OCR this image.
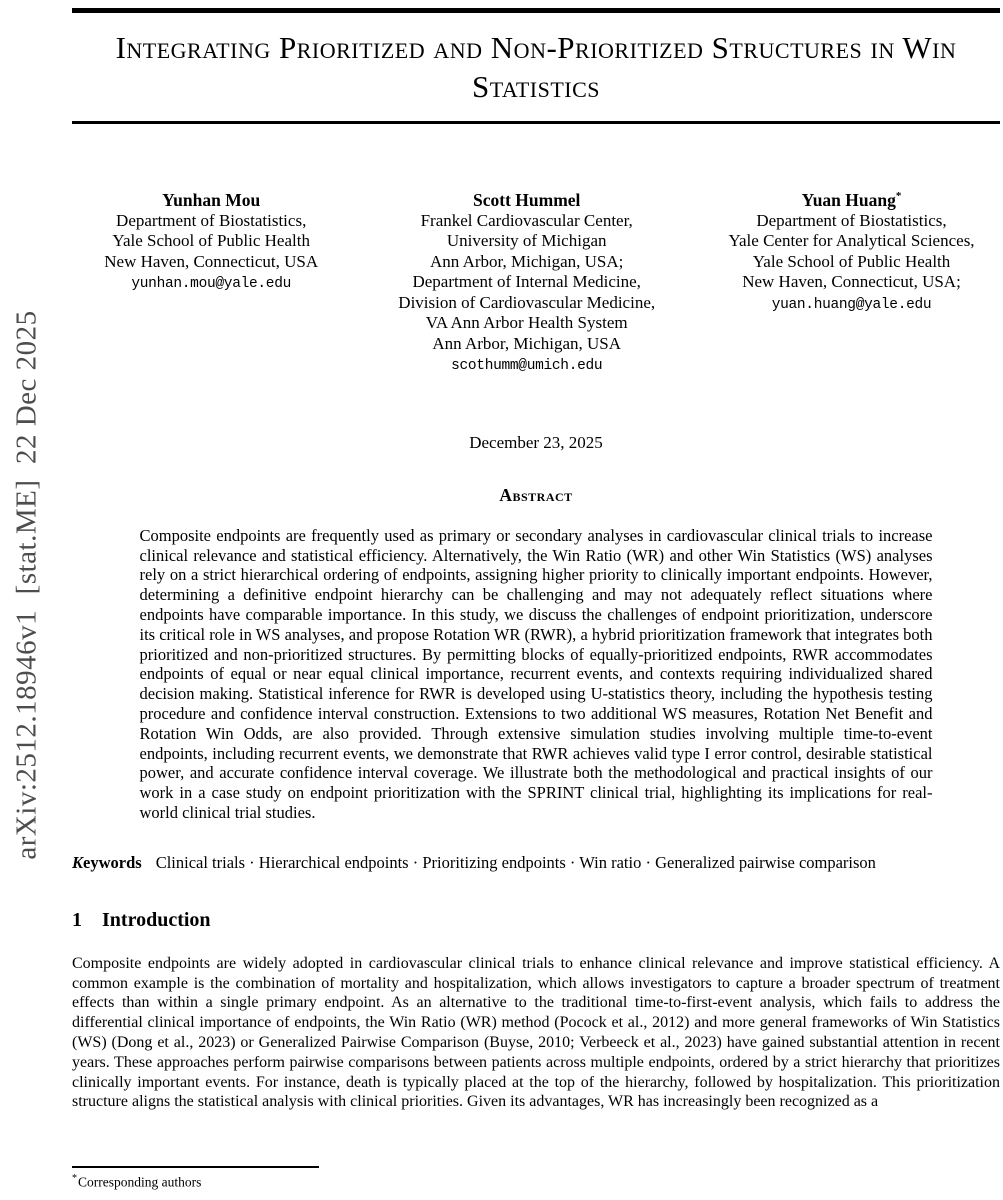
arXiv:2512.18946v1  [stat.ME]  22 Dec 2025
Integrating Prioritized and Non-Prioritized Structures in Win Statistics
Yunhan Mou
Department of Biostatistics,
Yale School of Public Health
New Haven, Connecticut, USA
yunhan.mou@yale.edu
Scott Hummel
Frankel Cardiovascular Center,
University of Michigan
Ann Arbor, Michigan, USA;
Department of Internal Medicine,
Division of Cardiovascular Medicine,
VA Ann Arbor Health System
Ann Arbor, Michigan, USA
scothumm@umich.edu
Yuan Huang*
Department of Biostatistics,
Yale Center for Analytical Sciences,
Yale School of Public Health
New Haven, Connecticut, USA;
yuan.huang@yale.edu
December 23, 2025
Abstract

Composite endpoints are frequently used as primary or secondary analyses in cardiovascular clinical trials to increase clinical relevance and statistical efficiency. Alternatively, the Win Ratio (WR) and other Win Statistics (WS) analyses rely on a strict hierarchical ordering of endpoints, assigning higher priority to clinically important endpoints. However, determining a definitive endpoint hierarchy can be challenging and may not adequately reflect situations where endpoints have comparable importance. In this study, we discuss the challenges of endpoint prioritization, underscore its critical role in WS analyses, and propose Rotation WR (RWR), a hybrid prioritization framework that integrates both prioritized and non-prioritized structures. By permitting blocks of equally-prioritized endpoints, RWR accommodates endpoints of equal or near equal clinical importance, recurrent events, and contexts requiring individualized shared decision making. Statistical inference for RWR is developed using U-statistics theory, including the hypothesis testing procedure and confidence interval construction. Extensions to two additional WS measures, Rotation Net Benefit and Rotation Win Odds, are also provided. Through extensive simulation studies involving multiple time-to-event endpoints, including recurrent events, we demonstrate that RWR achieves valid type I error control, desirable statistical power, and accurate confidence interval coverage. We illustrate both the methodological and practical insights of our work in a case study on endpoint prioritization with the SPRINT clinical trial, highlighting its implications for real-world clinical trial studies.

Keywords Clinical trials · Hierarchical endpoints · Prioritizing endpoints · Win ratio · Generalized pairwise comparison

1 Introduction

Composite endpoints are widely adopted in cardiovascular clinical trials to enhance clinical relevance and improve statistical efficiency. A common example is the combination of mortality and hospitalization, which allows investigators to capture a broader spectrum of treatment effects than within a single primary endpoint. As an alternative to the traditional time-to-first-event analysis, which fails to address the differential clinical importance of endpoints, the Win Ratio (WR) method (Pocock et al., 2012) and more general frameworks of Win Statistics (WS) (Dong et al., 2023) or Generalized Pairwise Comparison (Buyse, 2010; Verbeeck et al., 2023) have gained substantial attention in recent years. These approaches perform pairwise comparisons between patients across multiple endpoints, ordered by a strict hierarchy that prioritizes clinically important events. For instance, death is typically placed at the top of the hierarchy, followed by hospitalization. This prioritization structure aligns the statistical analysis with clinical priorities. Given its advantages, WR has increasingly been recognized as a

*Corresponding authors
